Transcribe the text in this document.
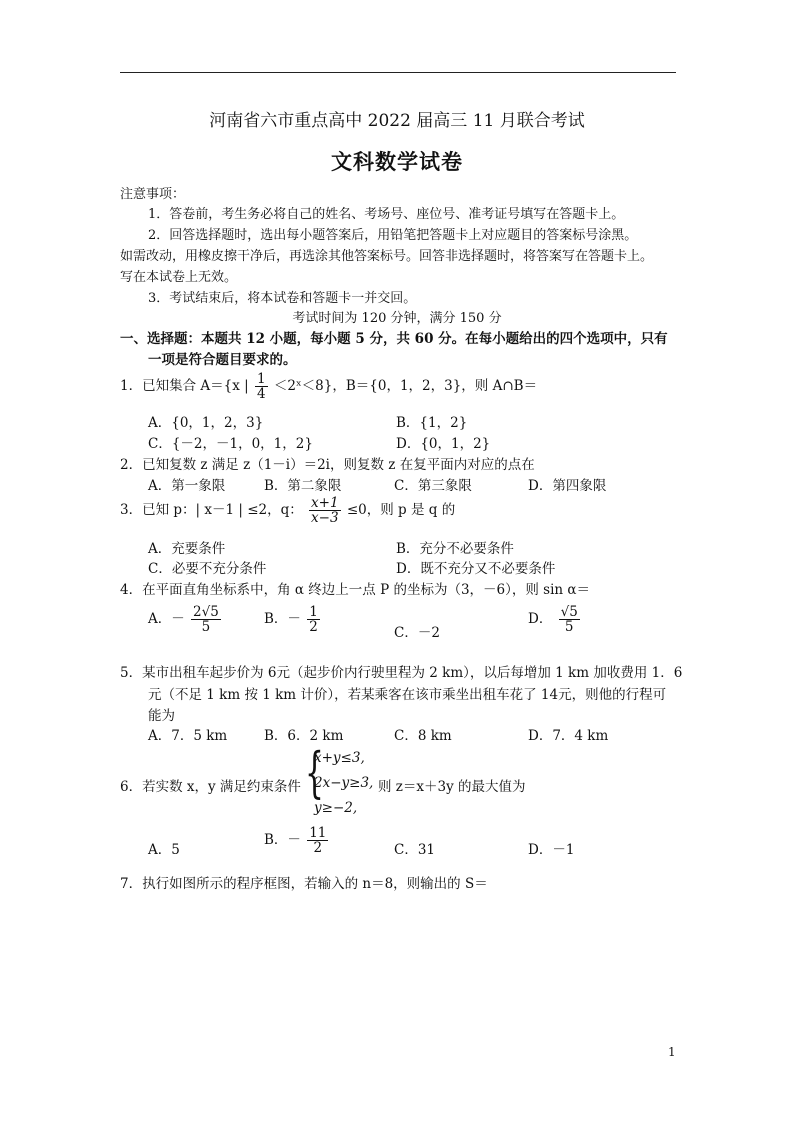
河南省六市重点高中 2022 届高三 11 月联合考试
文科数学试卷
注意事项：
1．答卷前，考生务必将自己的姓名、考场号、座位号、准考证号填写在答题卡上。
2．回答选择题时，选出每小题答案后，用铅笔把答题卡上对应题目的答案标号涂黑。
如需改动，用橡皮擦干净后，再选涂其他答案标号。回答非选择题时，将答案写在答题卡上。
写在本试卷上无效。
3．考试结束后，将本试卷和答题卡一并交回。
考试时间为 120 分钟，满分 150 分
一、选择题：本题共 12 小题，每小题 5 分，共 60 分。在每小题给出的四个选项中，只有
一项是符合题目要求的。
1．已知集合 A＝{x | $\frac{1}{4}$ ＜2ˣ＜8}，B＝{0，1，2，3}，则 A∩B＝
A．{0，1，2，3}	B．{1，2}
C．{－2，－1，0，1，2}	D．{0，1，2}
2．已知复数 z 满足 z（1－i）＝2i，则复数 z 在复平面内对应的点在
A．第一象限	B．第二象限	C．第三象限	D．第四象限
3．已知 p：| x－1 | ≤2，q： $\frac{x+1}{x-3} \le 0$，则 p 是 q 的
A．充要条件	B．充分不必要条件
C．必要不充分条件	D．既不充分又不必要条件
4．在平面直角坐标系中，角 α 终边上一点 P 的坐标为（3，－6），则 sin α＝
A．－ $\frac{2√5}{5}$	B．－ $\frac{1}{2}$	C．－2
D． $\frac{√5}{5}$
5．某市出租车起步价为 6元（起步价内行驶里程为 2 km），以后每增加 1 km 加收费用 1．6
元（不足 1 km 按 1 km 计价），若某乘客在该市乘坐出租车花了 14元，则他的行程可
能为
A．7．5 km	B．6．2 km	C．8 km	D．7．4 km
6．若实数 x，y 满足约束条件 {
x+y≤3,
2x−y≥3,
y≥−2,
则 z＝x＋3y 的最大值为
A．5
B．－ $\frac{11}{2}$	C．31	D．－1
7．执行如图所示的程序框图，若输入的 n＝8，则输出的 S＝
1
